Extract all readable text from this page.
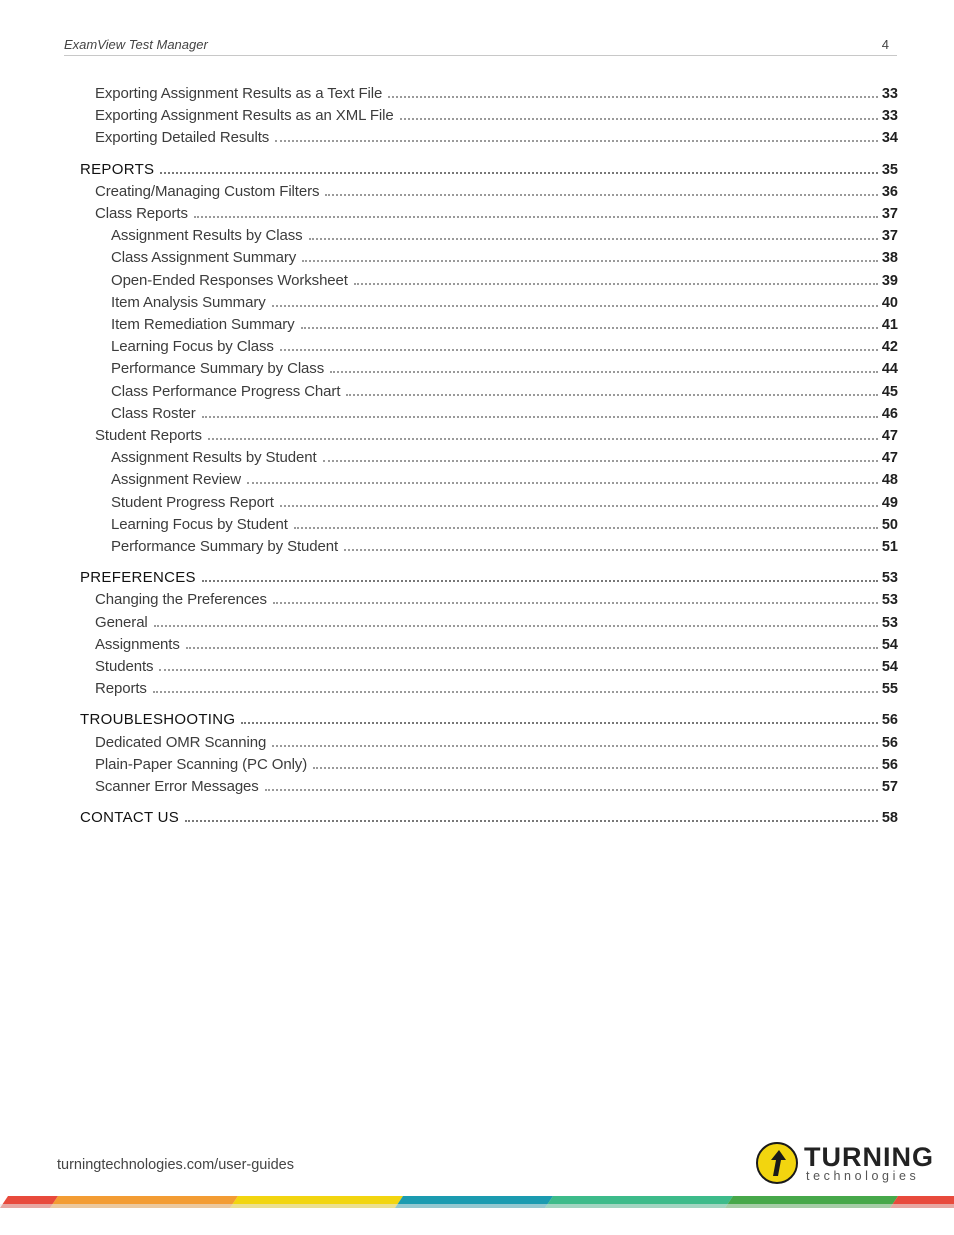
ExamView Test Manager	4
Exporting Assignment Results as a Text File	33
Exporting Assignment Results as an XML File	33
Exporting Detailed Results	34
REPORTS	35
Creating/Managing Custom Filters	36
Class Reports	37
Assignment Results by Class	37
Class Assignment Summary	38
Open-Ended Responses Worksheet	39
Item Analysis Summary	40
Item Remediation Summary	41
Learning Focus by Class	42
Performance Summary by Class	44
Class Performance Progress Chart	45
Class Roster	46
Student Reports	47
Assignment Results by Student	47
Assignment Review	48
Student Progress Report	49
Learning Focus by Student	50
Performance Summary by Student	51
PREFERENCES	53
Changing the Preferences	53
General	53
Assignments	54
Students	54
Reports	55
TROUBLESHOOTING	56
Dedicated OMR Scanning	56
Plain-Paper Scanning (PC Only)	56
Scanner Error Messages	57
CONTACT US	58
turningtechnologies.com/user-guides	TURNING
technologies
